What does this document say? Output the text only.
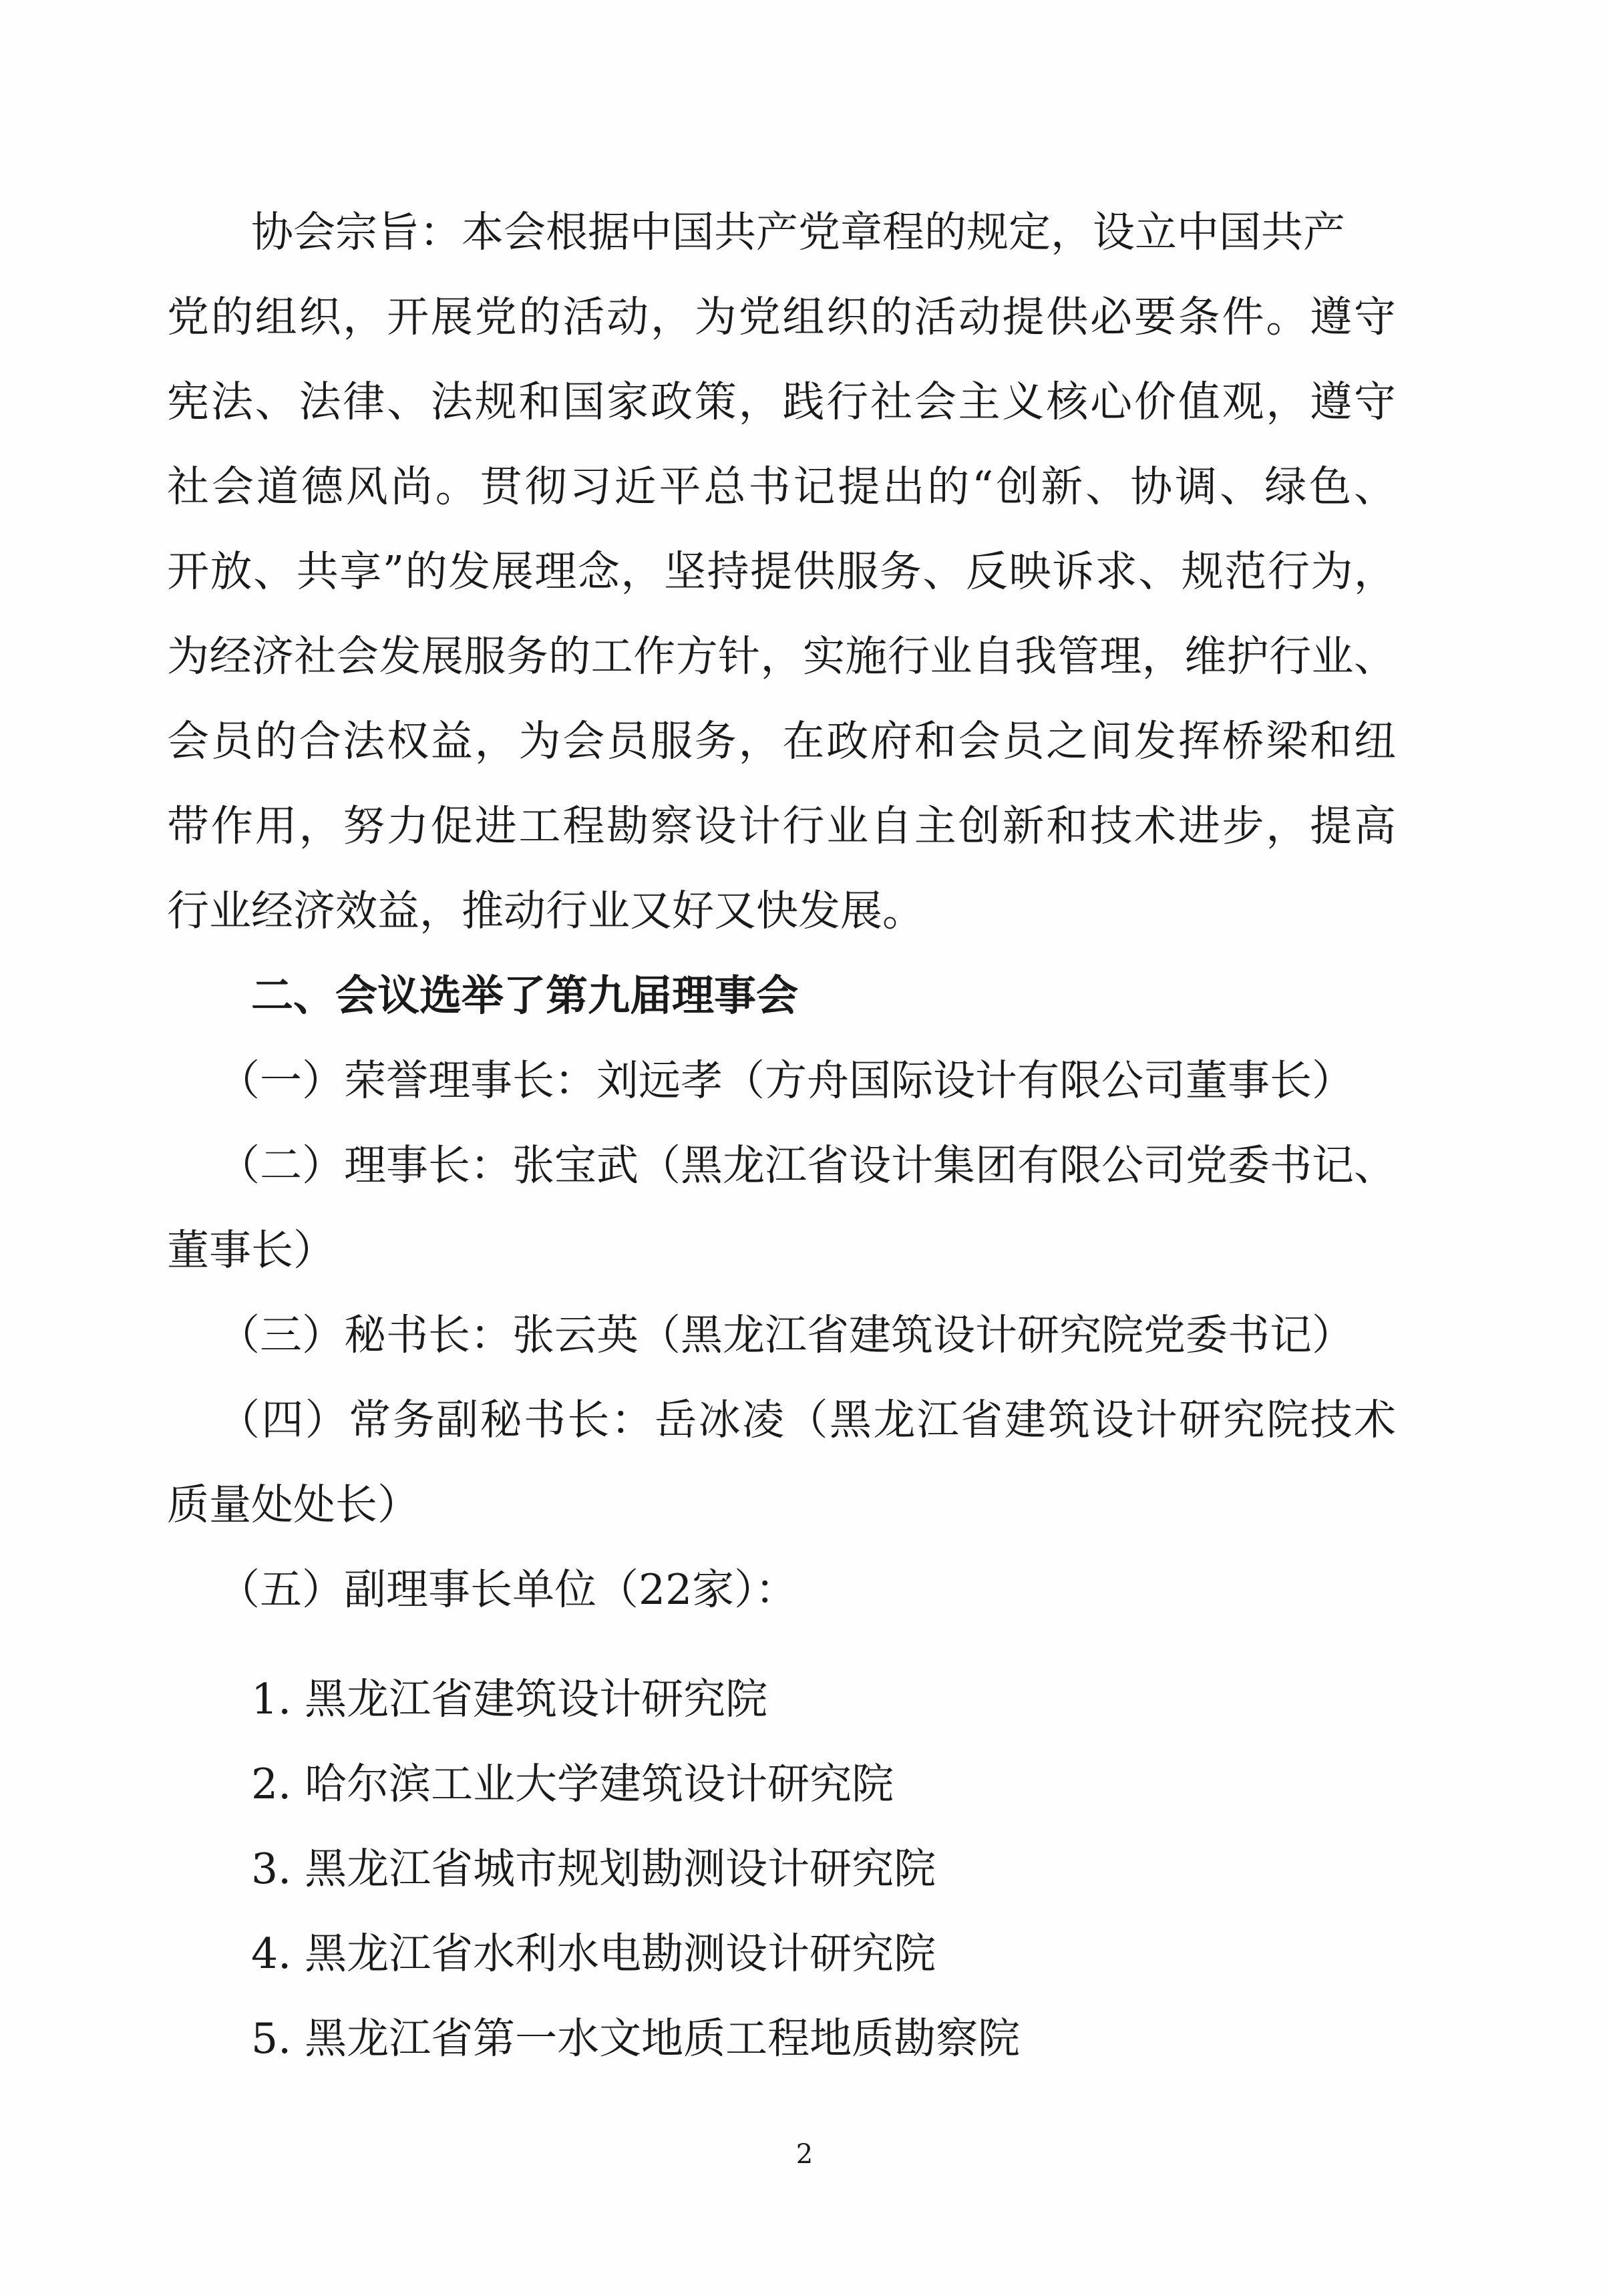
协会宗旨：本会根据中国共产党章程的规定，设立中国共产
党的组织，开展党的活动，为党组织的活动提供必要条件。遵守
宪法、法律、法规和国家政策，践行社会主义核心价值观，遵守
社会道德风尚。贯彻习近平总书记提出的“创新、协调、绿色、
开放、共享”的发展理念，坚持提供服务、反映诉求、规范行为，
为经济社会发展服务的工作方针，实施行业自我管理，维护行业、
会员的合法权益，为会员服务，在政府和会员之间发挥桥梁和纽
带作用，努力促进工程勘察设计行业自主创新和技术进步，提高
行业经济效益，推动行业又好又快发展。
二、会议选举了第九届理事会
（一）荣誉理事长：刘远孝（方舟国际设计有限公司董事长）
（二）理事长：张宝武（黑龙江省设计集团有限公司党委书记、
董事长）
（三）秘书长：张云英（黑龙江省建筑设计研究院党委书记）
（四）常务副秘书长：岳冰凌（黑龙江省建筑设计研究院技术
质量处处长）
（五）副理事长单位（22家）：
1. 黑龙江省建筑设计研究院
2. 哈尔滨工业大学建筑设计研究院
3. 黑龙江省城市规划勘测设计研究院
4. 黑龙江省水利水电勘测设计研究院
5. 黑龙江省第一水文地质工程地质勘察院
2
